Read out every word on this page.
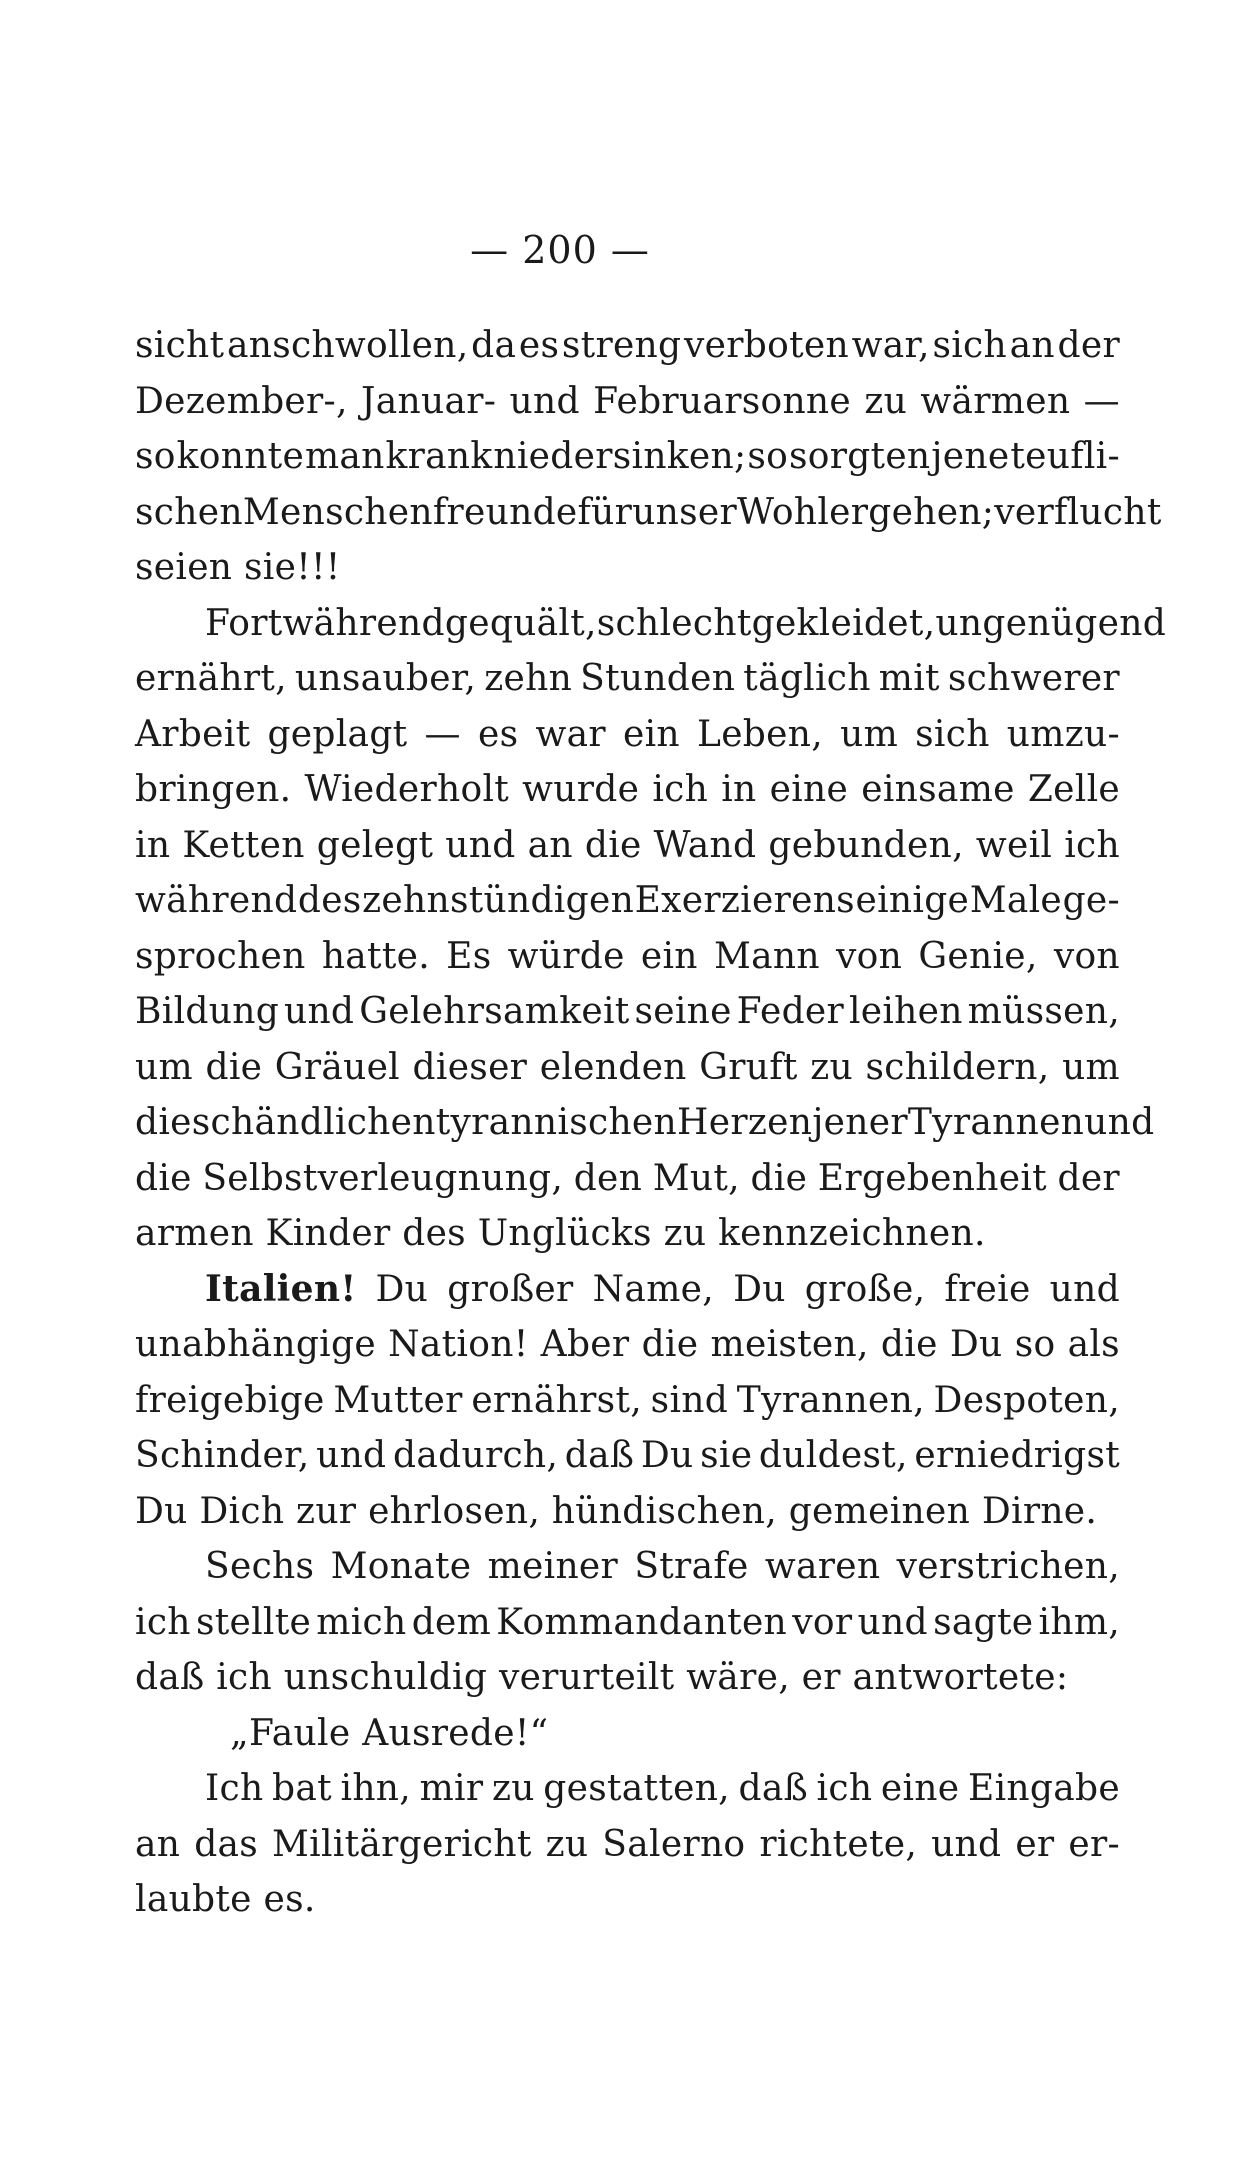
— 200 —
sicht anschwollen, da es streng verboten war, sich an der
Dezember-, Januar- und Februarsonne zu wärmen —
so konnte man krank niedersinken; so sorgten jene teufli-
schen Menschenfreunde für unser Wohlergehen; verflucht
seien sie!!!
Fortwährend gequält, schlecht gekleidet, ungenügend
ernährt, unsauber, zehn Stunden täglich mit schwerer
Arbeit geplagt — es war ein Leben, um sich umzu-
bringen. Wiederholt wurde ich in eine einsame Zelle
in Ketten gelegt und an die Wand gebunden, weil ich
während des zehnstündigen Exerzierens einige Male ge-
sprochen hatte. Es würde ein Mann von Genie, von
Bildung und Gelehrsamkeit seine Feder leihen müssen,
um die Gräuel dieser elenden Gruft zu schildern, um
die schändlichen tyrannischen Herzen jener Tyrannen und
die Selbstverleugnung, den Mut, die Ergebenheit der
armen Kinder des Unglücks zu kennzeichnen.
Italien! Du großer Name, Du große, freie und
unabhängige Nation! Aber die meisten, die Du so als
freigebige Mutter ernährst, sind Tyrannen, Despoten,
Schinder, und dadurch, daß Du sie duldest, erniedrigst
Du Dich zur ehrlosen, hündischen, gemeinen Dirne.
Sechs Monate meiner Strafe waren verstrichen,
ich stellte mich dem Kommandanten vor und sagte ihm,
daß ich unschuldig verurteilt wäre, er antwortete:
„Faule Ausrede!“
Ich bat ihn, mir zu gestatten, daß ich eine Eingabe
an das Militärgericht zu Salerno richtete, und er er-
laubte es.
